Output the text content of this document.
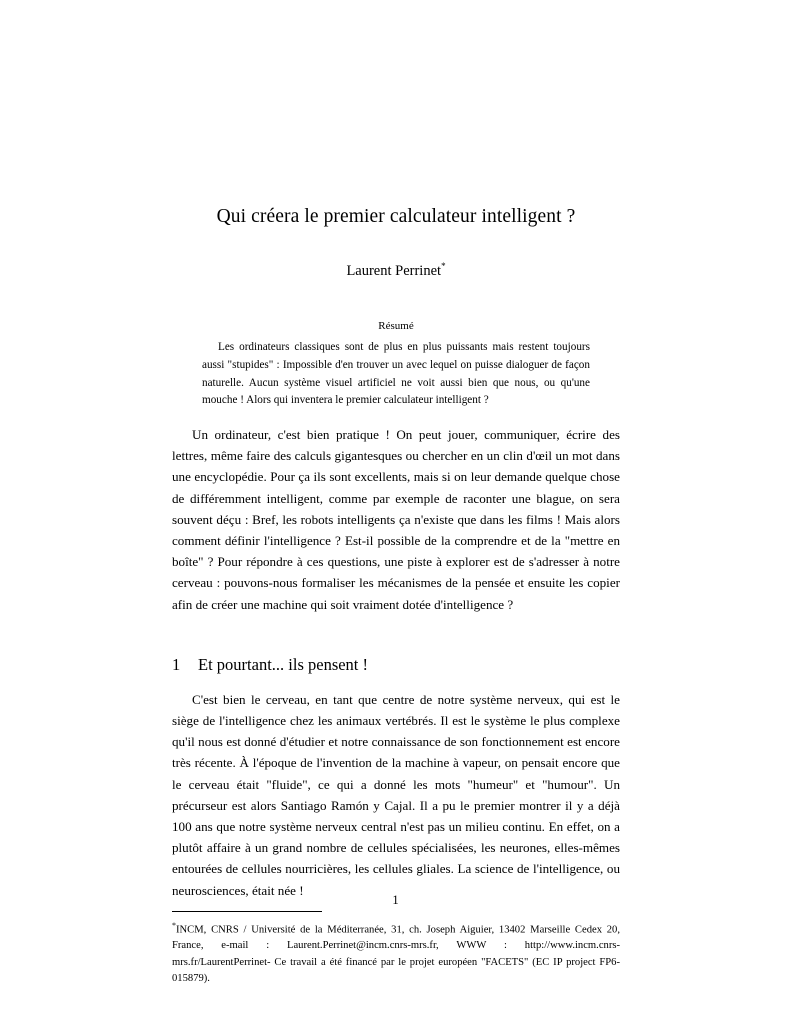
Qui créera le premier calculateur intelligent ?
Laurent Perrinet*
Résumé
Les ordinateurs classiques sont de plus en plus puissants mais restent toujours aussi "stupides" : Impossible d'en trouver un avec lequel on puisse dialoguer de façon naturelle. Aucun système visuel artificiel ne voit aussi bien que nous, ou qu'une mouche ! Alors qui inventera le premier calculateur intelligent ?
Un ordinateur, c'est bien pratique ! On peut jouer, communiquer, écrire des lettres, même faire des calculs gigantesques ou chercher en un clin d'œil un mot dans une encyclopédie. Pour ça ils sont excellents, mais si on leur demande quelque chose de différemment intelligent, comme par exemple de raconter une blague, on sera souvent déçu : Bref, les robots intelligents ça n'existe que dans les films ! Mais alors comment définir l'intelligence ? Est-il possible de la comprendre et de la "mettre en boîte" ? Pour répondre à ces questions, une piste à explorer est de s'adresser à notre cerveau : pouvons-nous formaliser les mécanismes de la pensée et ensuite les copier afin de créer une machine qui soit vraiment dotée d'intelligence ?
1 Et pourtant... ils pensent !
C'est bien le cerveau, en tant que centre de notre système nerveux, qui est le siège de l'intelligence chez les animaux vertébrés. Il est le système le plus complexe qu'il nous est donné d'étudier et notre connaissance de son fonctionnement est encore très récente. À l'époque de l'invention de la machine à vapeur, on pensait encore que le cerveau était "fluide", ce qui a donné les mots "humeur" et "humour". Un précurseur est alors Santiago Ramón y Cajal. Il a pu le premier montrer il y a déjà 100 ans que notre système nerveux central n'est pas un milieu continu. En effet, on a plutôt affaire à un grand nombre de cellules spécialisées, les neurones, elles-mêmes entourées de cellules nourricières, les cellules gliales. La science de l'intelligence, ou neurosciences, était née !
*INCM, CNRS / Université de la Méditerranée, 31, ch. Joseph Aiguier, 13402 Marseille Cedex 20, France, e-mail : Laurent.Perrinet@incm.cnrs-mrs.fr, WWW : http://www.incm.cnrs-mrs.fr/LaurentPerrinet- Ce travail a été financé par le projet européen "FACETS" (EC IP project FP6-015879).
1
